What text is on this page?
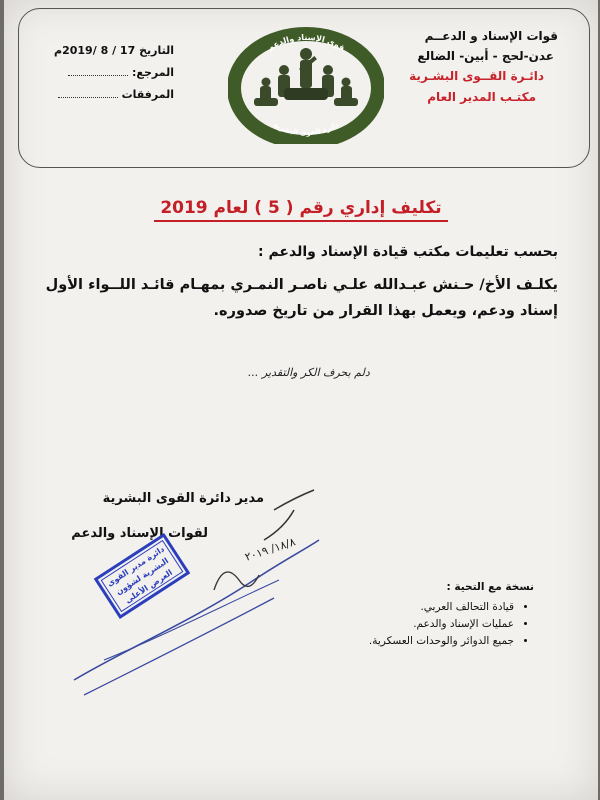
قوات الإسناد و الدعــم
عدن-لحج - أبين- الضالع
دائـرة القــوى البشـرية
مكتـب المدير العام
التاريخ 17 / 8 /2019م
المرجع:
المرفقات
قوى الإسناد والدعم
دائرة القوى البشرية
تكليف إداري رقم ( 5 ) لعام 2019
بحسب تعليمات مكتب قيادة الإسناد والدعم :
يكلـف الأخ/ حـنش عبـدالله علـي ناصـر النمـري بمهـام قائـد اللــواء الأول إسناد ودعم، ويعمل بهذا القرار من تاريخ صدوره.
دلم بحرف الكر والتقدير ...
مدير دائرة القوى البشرية
لقوات الإسناد والدعم
١٨/٨/ ٢٠١٩
دائرة مدير القوى البشرية لشؤون العرض الأعلى	نسخة مع التحية :
• قيادة التحالف العربي.
• عمليات الإسناد والدعم.
• جميع الدوائر والوحدات العسكرية.
